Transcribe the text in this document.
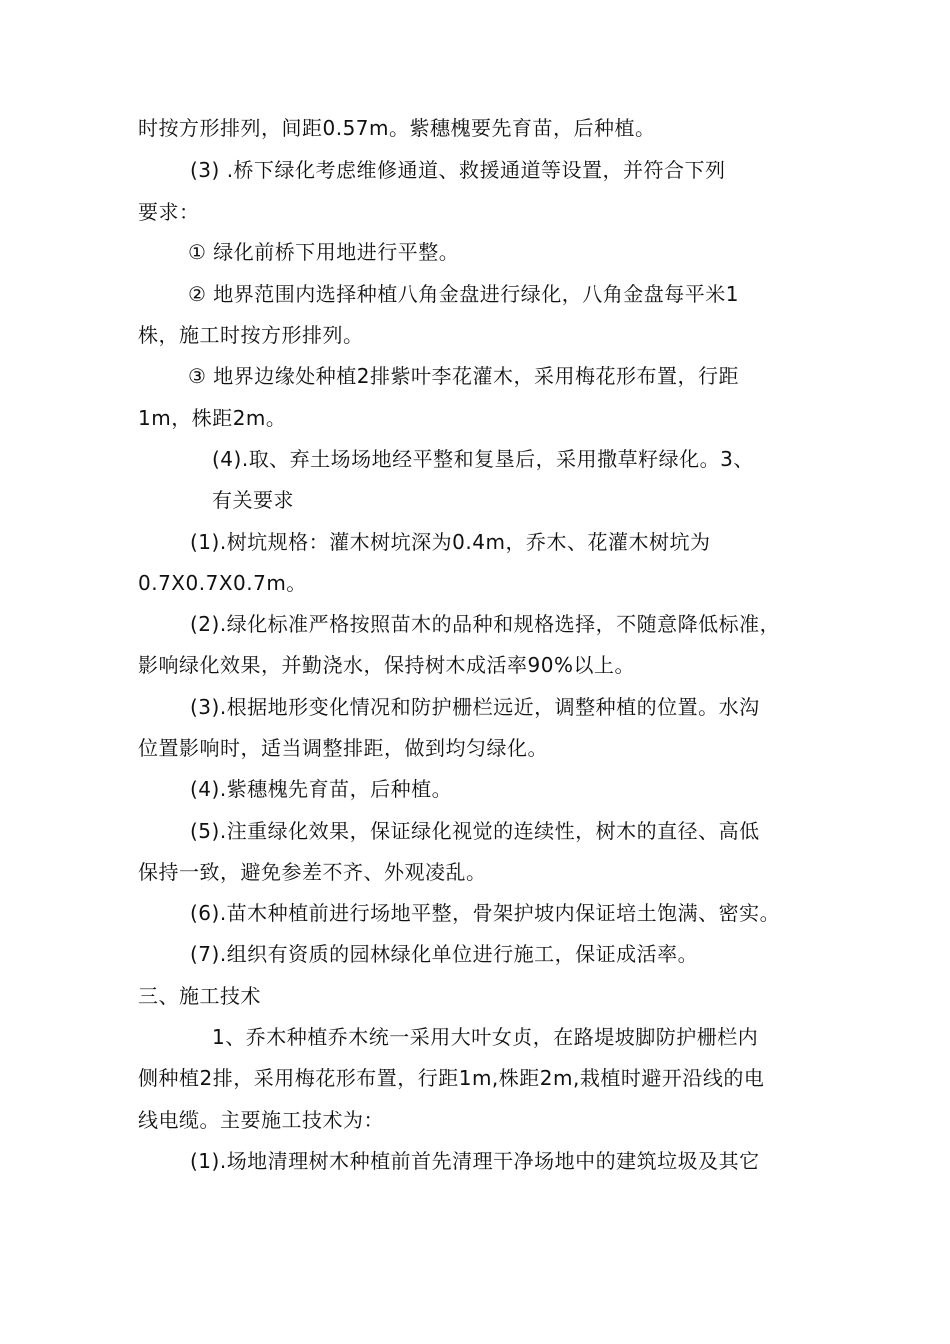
时按方形排列，间距0.57m。紫穗槐要先育苗，后种植。
(3) .桥下绿化考虑维修通道、救援通道等设置，并符合下列
要求：
① 绿化前桥下用地进行平整。
② 地界范围内选择种植八角金盘进行绿化，八角金盘每平米1
株，施工时按方形排列。
③ 地界边缘处种植2排紫叶李花灌木，采用梅花形布置，行距
1m，株距2m。
(4).取、弃土场场地经平整和复垦后，采用撒草籽绿化。3、
有关要求
(1).树坑规格：灌木树坑深为0.4m，乔木、花灌木树坑为
0.7X0.7X0.7m。
(2).绿化标准严格按照苗木的品种和规格选择，不随意降低标准，
影响绿化效果，并勤浇水，保持树木成活率90%以上。
(3).根据地形变化情况和防护栅栏远近，调整种植的位置。水沟
位置影响时，适当调整排距，做到均匀绿化。
(4).紫穗槐先育苗，后种植。
(5).注重绿化效果，保证绿化视觉的连续性，树木的直径、高低
保持一致，避免参差不齐、外观凌乱。
(6).苗木种植前进行场地平整，骨架护坡内保证培土饱满、密实。
(7).组织有资质的园林绿化单位进行施工，保证成活率。
三、施工技术
1、乔木种植乔木统一采用大叶女贞，在路堤坡脚防护栅栏内
侧种植2排，采用梅花形布置，行距1m,株距2m,栽植时避开沿线的电
线电缆。主要施工技术为：
(1).场地清理树木种植前首先清理干净场地中的建筑垃圾及其它
